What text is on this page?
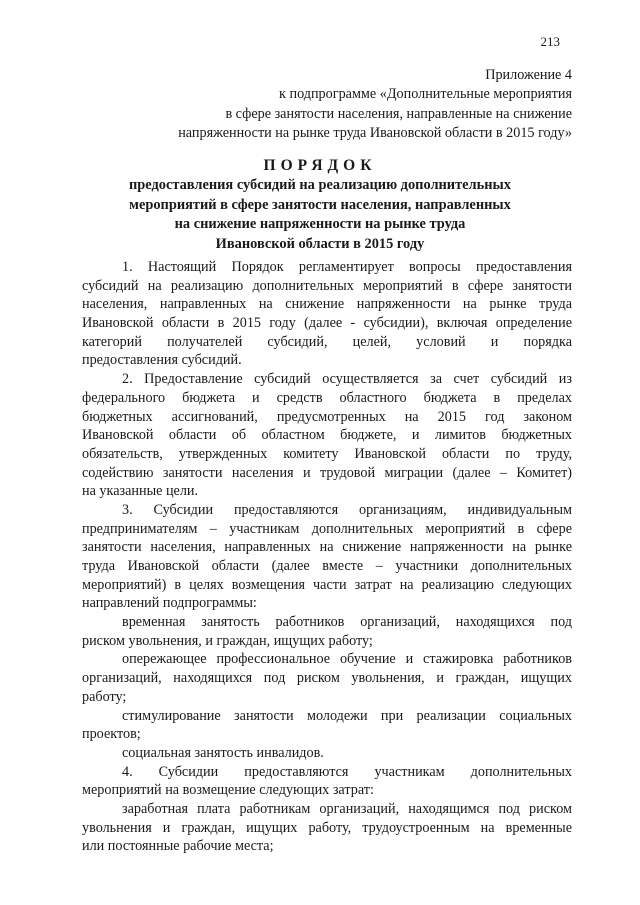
213
Приложение 4
к подпрограмме «Дополнительные мероприятия
в сфере занятости населения, направленные на снижение
напряженности на рынке труда Ивановской области в 2015 году»
ПОРЯДОК
предоставления субсидий на реализацию дополнительных
мероприятий в сфере занятости населения, направленных
на снижение напряженности на рынке труда
Ивановской области в 2015 году
1. Настоящий Порядок регламентирует вопросы предоставления
субсидий на реализацию дополнительных мероприятий в сфере занятости
населения, направленных на снижение напряженности на рынке труда
Ивановской области в 2015 году (далее - субсидии), включая определение
категорий получателей субсидий, целей, условий и порядка
предоставления субсидий.
2. Предоставление субсидий осуществляется за счет субсидий из
федерального бюджета и средств областного бюджета в пределах
бюджетных ассигнований, предусмотренных на 2015 год законом
Ивановской области об областном бюджете, и лимитов бюджетных
обязательств, утвержденных комитету Ивановской области по труду,
содействию занятости населения и трудовой миграции (далее – Комитет)
на указанные цели.
3. Субсидии предоставляются организациям, индивидуальным
предпринимателям – участникам дополнительных мероприятий в сфере
занятости населения, направленных на снижение напряженности на рынке
труда Ивановской области (далее вместе – участники дополнительных
мероприятий) в целях возмещения части затрат на реализацию следующих
направлений подпрограммы:
временная занятость работников организаций, находящихся под
риском увольнения, и граждан, ищущих работу;
опережающее профессиональное обучение и стажировка работников
организаций, находящихся под риском увольнения, и граждан, ищущих
работу;
стимулирование занятости молодежи при реализации социальных
проектов;
социальная занятость инвалидов.
4. Субсидии предоставляются участникам дополнительных
мероприятий на возмещение следующих затрат:
заработная плата работникам организаций, находящимся под риском
увольнения и граждан, ищущих работу, трудоустроенным на временные
или постоянные рабочие места;
